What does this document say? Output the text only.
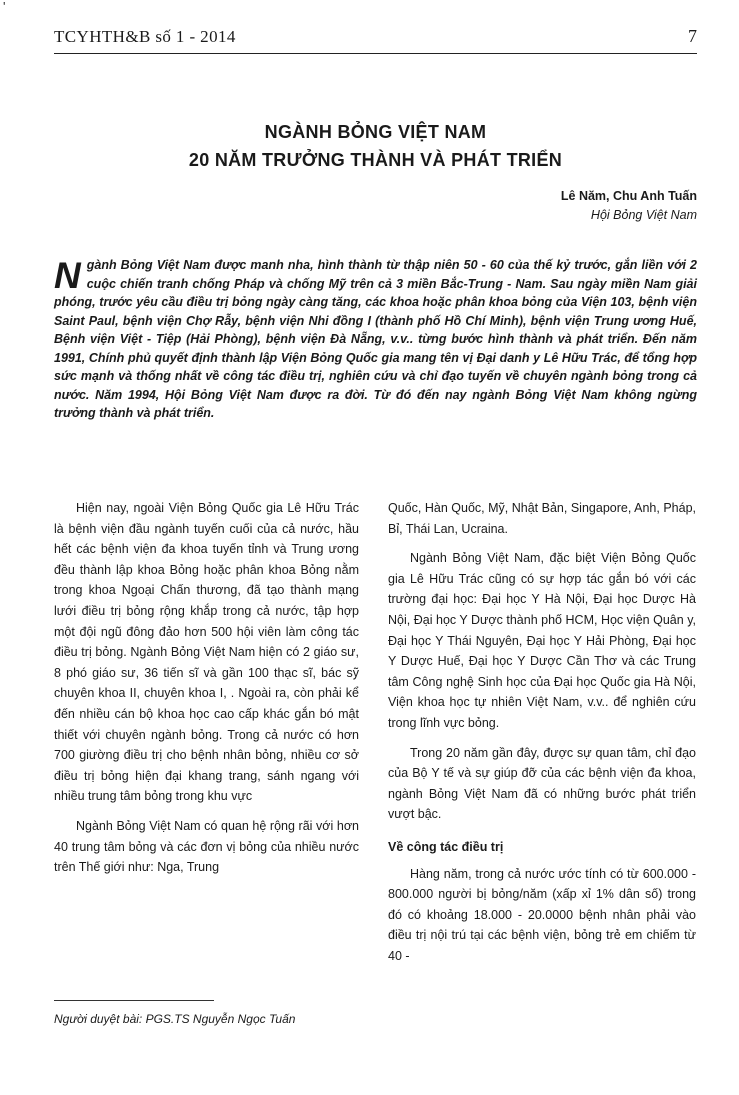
'
TCYHTH&B số 1 - 2014	7
NGÀNH BỎNG VIỆT NAM
20 NĂM TRƯỞNG THÀNH VÀ PHÁT TRIỂN
Lê Năm, Chu Anh Tuấn
Hội Bỏng Việt Nam
N gành Bỏng Việt Nam được manh nha, hình thành từ thập niên 50 - 60 của thế kỷ trước, gắn liền với 2 cuộc chiến tranh chống Pháp và chống Mỹ trên cả 3 miền Bắc-Trung - Nam. Sau ngày miền Nam giải phóng, trước yêu cầu điều trị bỏng ngày càng tăng, các khoa hoặc phân khoa bỏng của Viện 103, bệnh viện Saint Paul, bệnh viện Chợ Rẫy, bệnh viện Nhi đồng I (thành phố Hồ Chí Minh), bệnh viện Trung ương Huế, Bệnh viện Việt - Tiệp (Hải Phòng), bệnh viện Đà Nẵng, v.v.. từng bước hình thành và phát triển. Đến năm 1991, Chính phủ quyết định thành lập Viện Bỏng Quốc gia mang tên vị Đại danh y Lê Hữu Trác, để tổng hợp sức mạnh và thống nhất về công tác điều trị, nghiên cứu và chỉ đạo tuyến về chuyên ngành bỏng trong cả nước. Năm 1994, Hội Bỏng Việt Nam được ra đời. Từ đó đến nay ngành Bỏng Việt Nam không ngừng trưởng thành và phát triển.

Hiện nay, ngoài Viện Bỏng Quốc gia Lê Hữu Trác là bệnh viện đầu ngành tuyến cuối của cả nước, hầu hết các bệnh viện đa khoa tuyến tỉnh và Trung ương đều thành lập khoa Bỏng hoặc phân khoa Bỏng nằm trong khoa Ngoại Chấn thương, đã tạo thành mạng lưới điều trị bỏng rộng khắp trong cả nước, tập hợp một đội ngũ đông đảo hơn 500 hội viên làm công tác điều trị bỏng. Ngành Bỏng Việt Nam hiện có 2 giáo sư, 8 phó giáo sư, 36 tiến sĩ và gần 100 thạc sĩ, bác sỹ chuyên khoa II, chuyên khoa I, . Ngoài ra, còn phải kể đến nhiều cán bộ khoa học cao cấp khác gắn bó mật thiết với chuyên ngành bỏng. Trong cả nước có hơn 700 giường điều trị cho bệnh nhân bỏng, nhiều cơ sở điều trị bỏng hiện đại khang trang, sánh ngang với nhiều trung tâm bỏng trong khu vực

Ngành Bỏng Việt Nam có quan hệ rộng rãi với hơn 40 trung tâm bỏng và các đơn vị bỏng của nhiều nước trên Thế giới như: Nga, Trung

Quốc, Hàn Quốc, Mỹ, Nhật Bản, Singapore, Anh, Pháp, Bỉ, Thái Lan, Ucraina.

Ngành Bỏng Việt Nam, đặc biệt Viện Bỏng Quốc gia Lê Hữu Trác cũng có sự hợp tác gắn bó với các trường đại học: Đại học Y Hà Nội, Đại học Dược Hà Nội, Đại học Y Dược thành phố HCM, Học viện Quân y, Đại học Y Thái Nguyên, Đại học Y Hải Phòng, Đại học Y Dược Huế, Đại học Y Dược Cần Thơ và các Trung tâm Công nghệ Sinh học của Đại học Quốc gia Hà Nội, Viện khoa học tự nhiên Việt Nam, v.v.. để nghiên cứu trong lĩnh vực bỏng.

Trong 20 năm gần đây, được sự quan tâm, chỉ đạo của Bộ Y tế và sự giúp đỡ của các bệnh viện đa khoa, ngành Bỏng Việt Nam đã có những bước phát triển vượt bậc.

Về công tác điều trị

Hàng năm, trong cả nước ước tính có từ 600.000 - 800.000 người bị bỏng/năm (xấp xỉ 1% dân số) trong đó có khoảng 18.000 - 20.0000 bệnh nhân phải vào điều trị nội trú tại các bệnh viện, bỏng trẻ em chiếm từ 40 -

Người duyệt bài: PGS.TS Nguyễn Ngọc Tuấn
